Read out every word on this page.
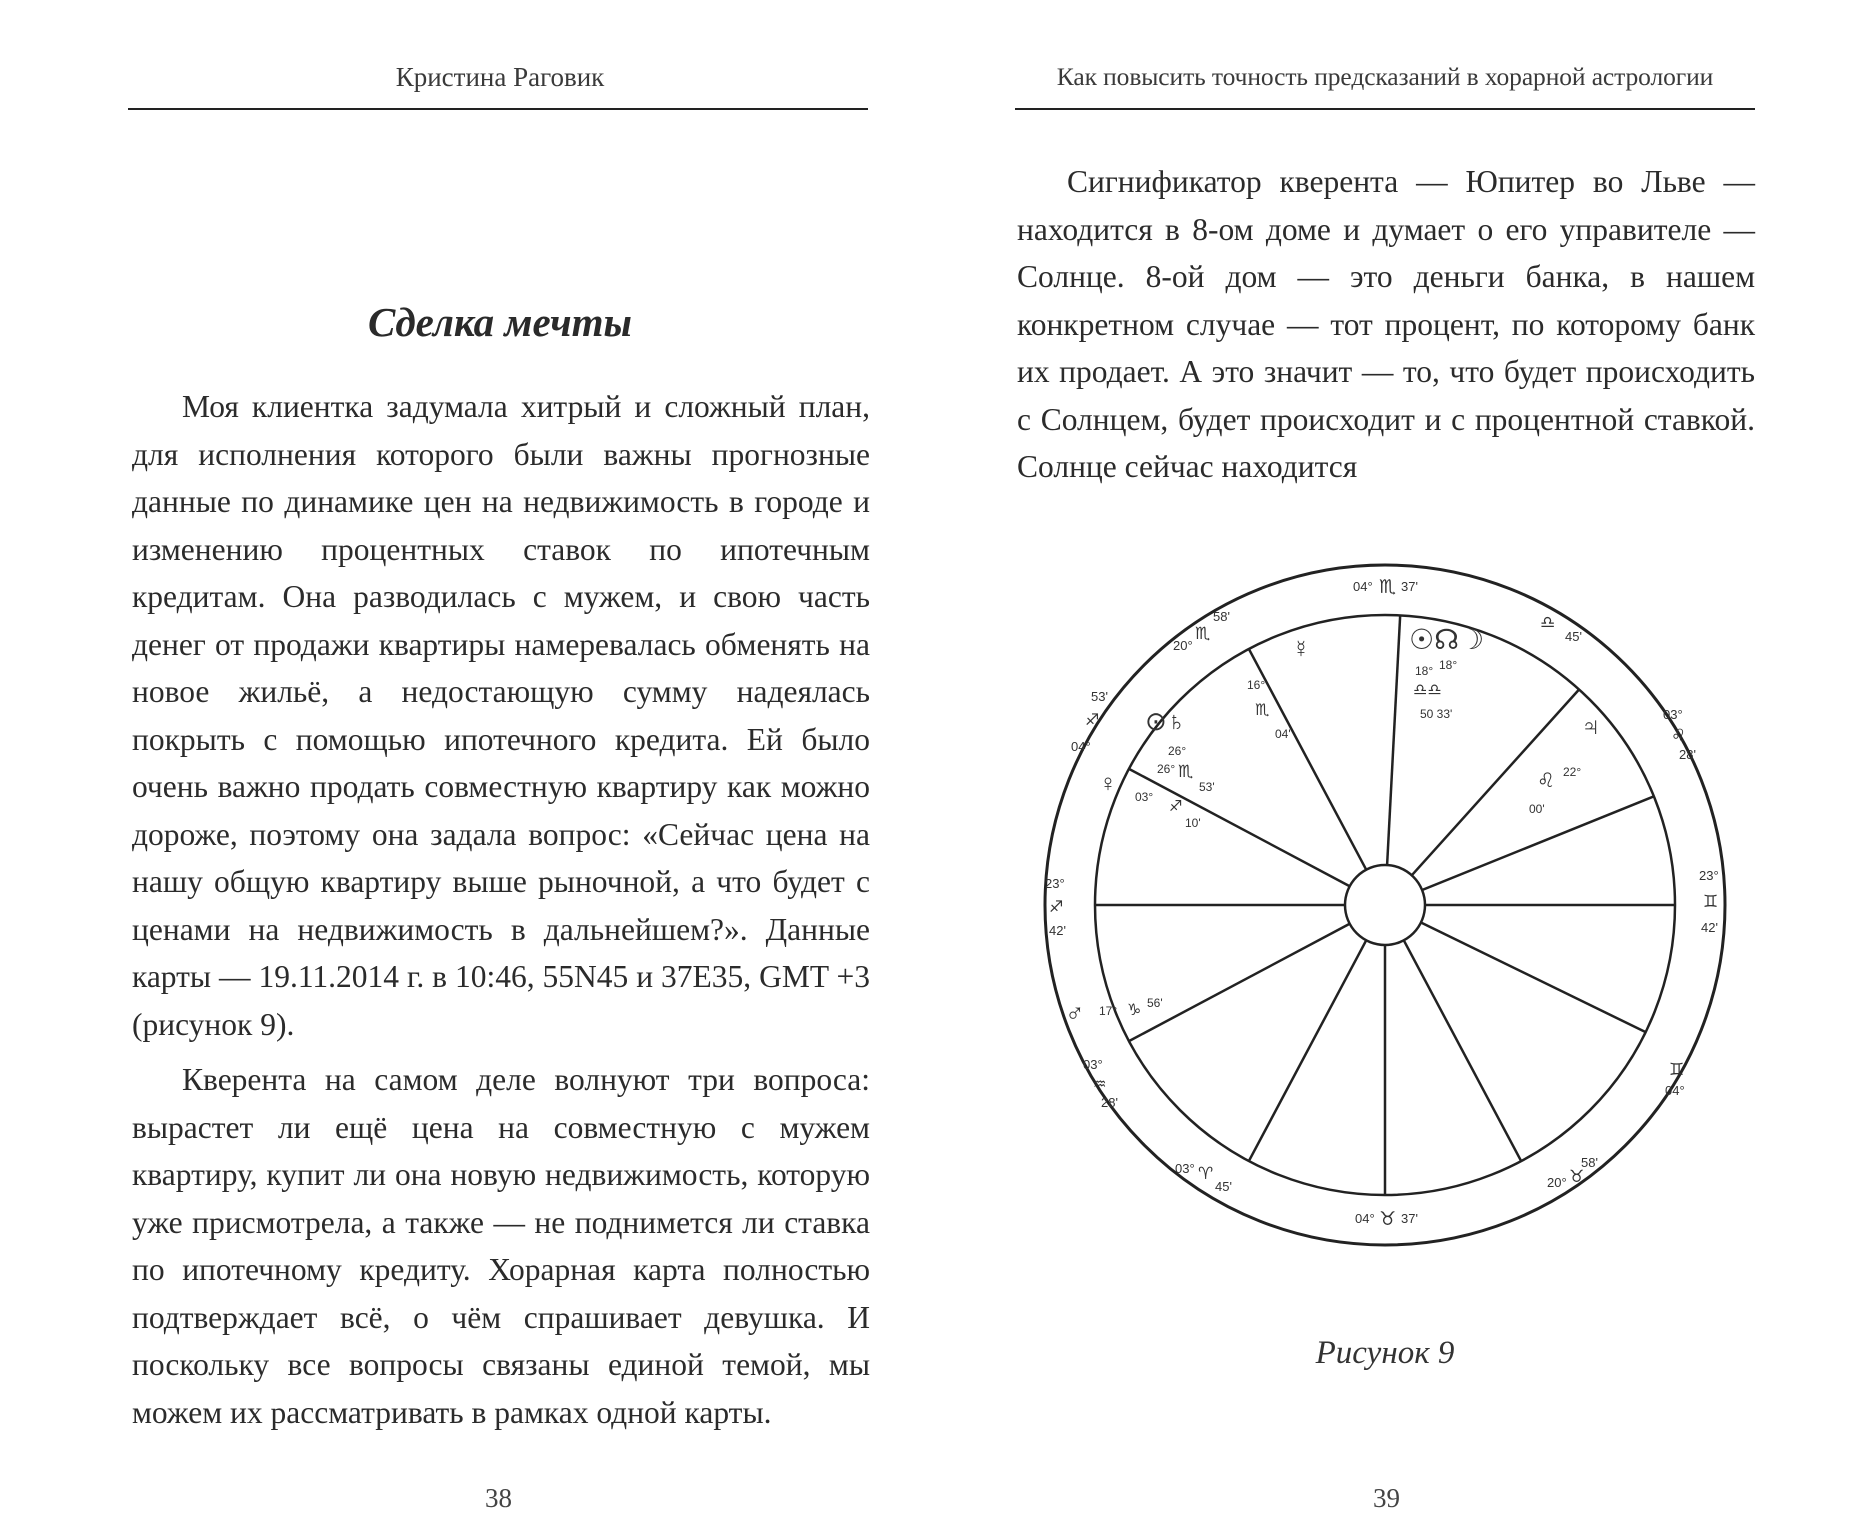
Кристина Раговик
Сделка мечты

Моя клиентка задумала хитрый и сложный план, для исполнения которого были важны прогнозные данные по динамике цен на недвижимость в городе и изменению процентных ставок по ипотечным кредитам. Она разводилась с мужем, и свою часть денег от продажи квартиры намеревалась обменять на новое жильё, а недостающую сумму надеялась покрыть с помощью ипотечного кредита. Ей было очень важно продать совместную квартиру как можно дороже, поэтому она задала вопрос: «Сейчас цена на нашу общую квартиру выше рыночной, а что будет с ценами на недвижимость в дальнейшем?». Данные карты — 19.11.2014 г. в 10:46, 55N45 и 37E35, GMT +3 (рисунок 9).

Кверента на самом деле волнуют три вопроса: вырастет ли ещё цена на совместную с мужем квартиру, купит ли она новую недвижимость, которую уже присмотрела, а также — не поднимется ли ставка по ипотечному кредиту. Хорарная карта полностью подтверждает всё, о чём спрашивает девушка. И поскольку все вопросы связаны единой темой, мы можем их рассматривать в рамках одной карты.

38
Как повысить точность предсказаний в хорарной астрологии

Сигнификатор кверента — Юпитер во Льве — находится в 8-ом доме и думает о его управителе — Солнце. 8-ой дом — это деньги банка, в нашем конкретном случае — тот процент, по которому банк их продает. А это значит — то, что будет происходить с Солнцем, будет происходит и с процентной ставкой. Солнце сейчас находится

04° ♏ 37'
♎
45'
03°
♌
28'
23°
♊
42'
♊
04°
20° ♉
58'
04° ♉ 37'
03° ♈
45'
03°
♒
28'
23°
♐
42'
53'
♐
04°
20°
♏
58'
☉☊☽
18° 18°
♎♎
50 33'
☿
16°
♏
04'
⊙♄
26°
26° ♏
53'
♀ 03°
♐
10'
♃
♌ 22°
00'
♂ 17° ♑ 56'
Рисунок 9
39
